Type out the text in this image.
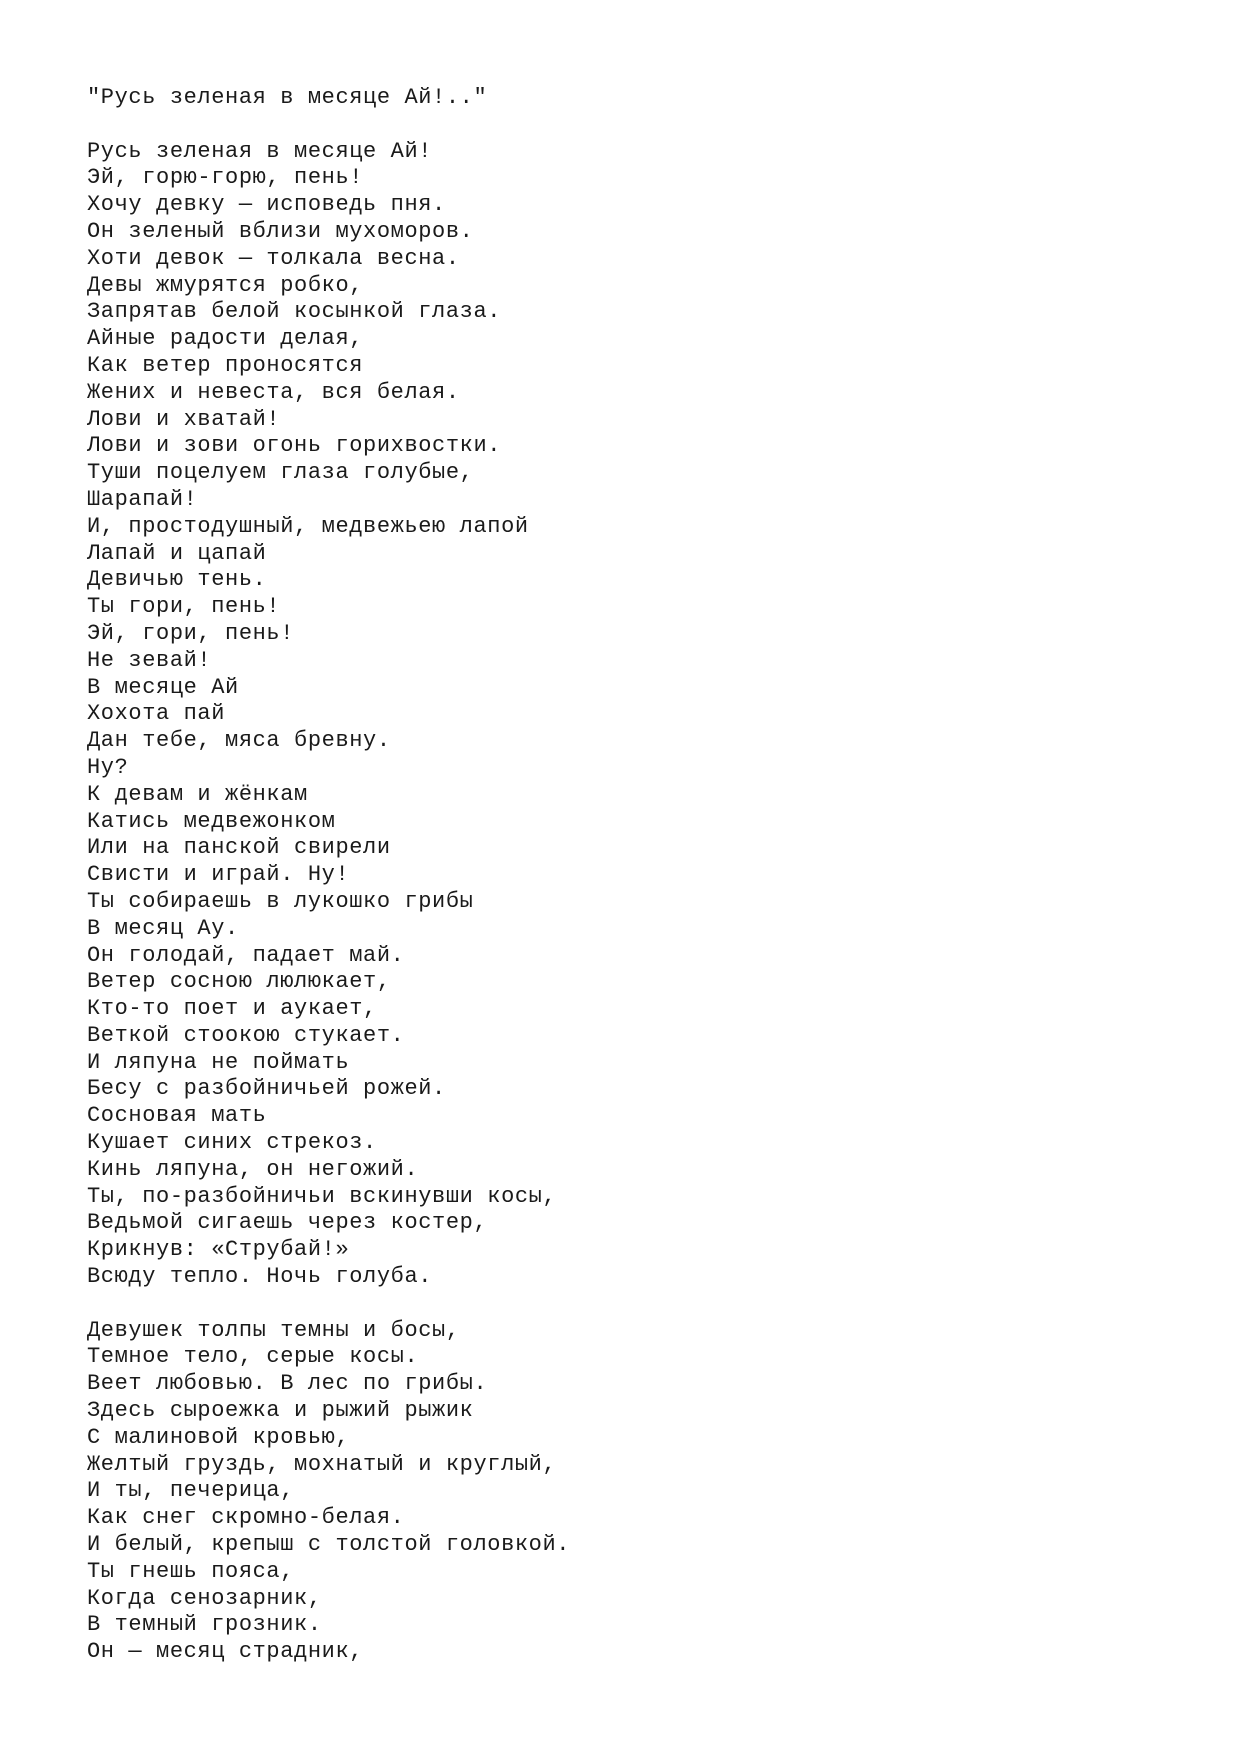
"Русь зеленая в месяце Ай!.."
Русь зеленая в месяце Ай!
Эй, горю-горю, пень!
Хочу девку — исповедь пня.
Он зеленый вблизи мухоморов.
Хоти девок — толкала весна.
Девы жмурятся робко,
Запрятав белой косынкой глаза.
Айные радости делая,
Как ветер проносятся
Жених и невеста, вся белая.
Лови и хватай!
Лови и зови огонь горихвостки.
Туши поцелуем глаза голубые,
Шарапай!
И, простодушный, медвежьею лапой
Лапай и цапай
Девичью тень.
Ты гори, пень!
Эй, гори, пень!
Не зевай!
В месяце Ай
Хохота пай
Дан тебе, мяса бревну.
Ну?
К девам и жёнкам
Катись медвежонком
Или на панской свирели
Свисти и играй. Ну!
Ты собираешь в лукошко грибы
В месяц Ау.
Он голодай, падает май.
Ветер сосною люлюкает,
Кто-то поет и аукает,
Веткой стоокою стукает.
И ляпуна не поймать
Бесу с разбойничьей рожей.
Сосновая мать
Кушает синих стрекоз.
Кинь ляпуна, он негожий.
Ты, по-разбойничьи вскинувши косы,
Ведьмой сигаешь через костер,
Крикнув: «Струбай!»
Всюду тепло. Ночь голуба.
Девушек толпы темны и босы,
Темное тело, серые косы.
Веет любовью. В лес по грибы.
Здесь сыроежка и рыжий рыжик
С малиновой кровью,
Желтый груздь, мохнатый и круглый,
И ты, печерица,
Как снег скромно-белая.
И белый, крепыш с толстой головкой.
Ты гнешь пояса,
Когда сенозарник,
В темный грозник.
Он — месяц страдник,
